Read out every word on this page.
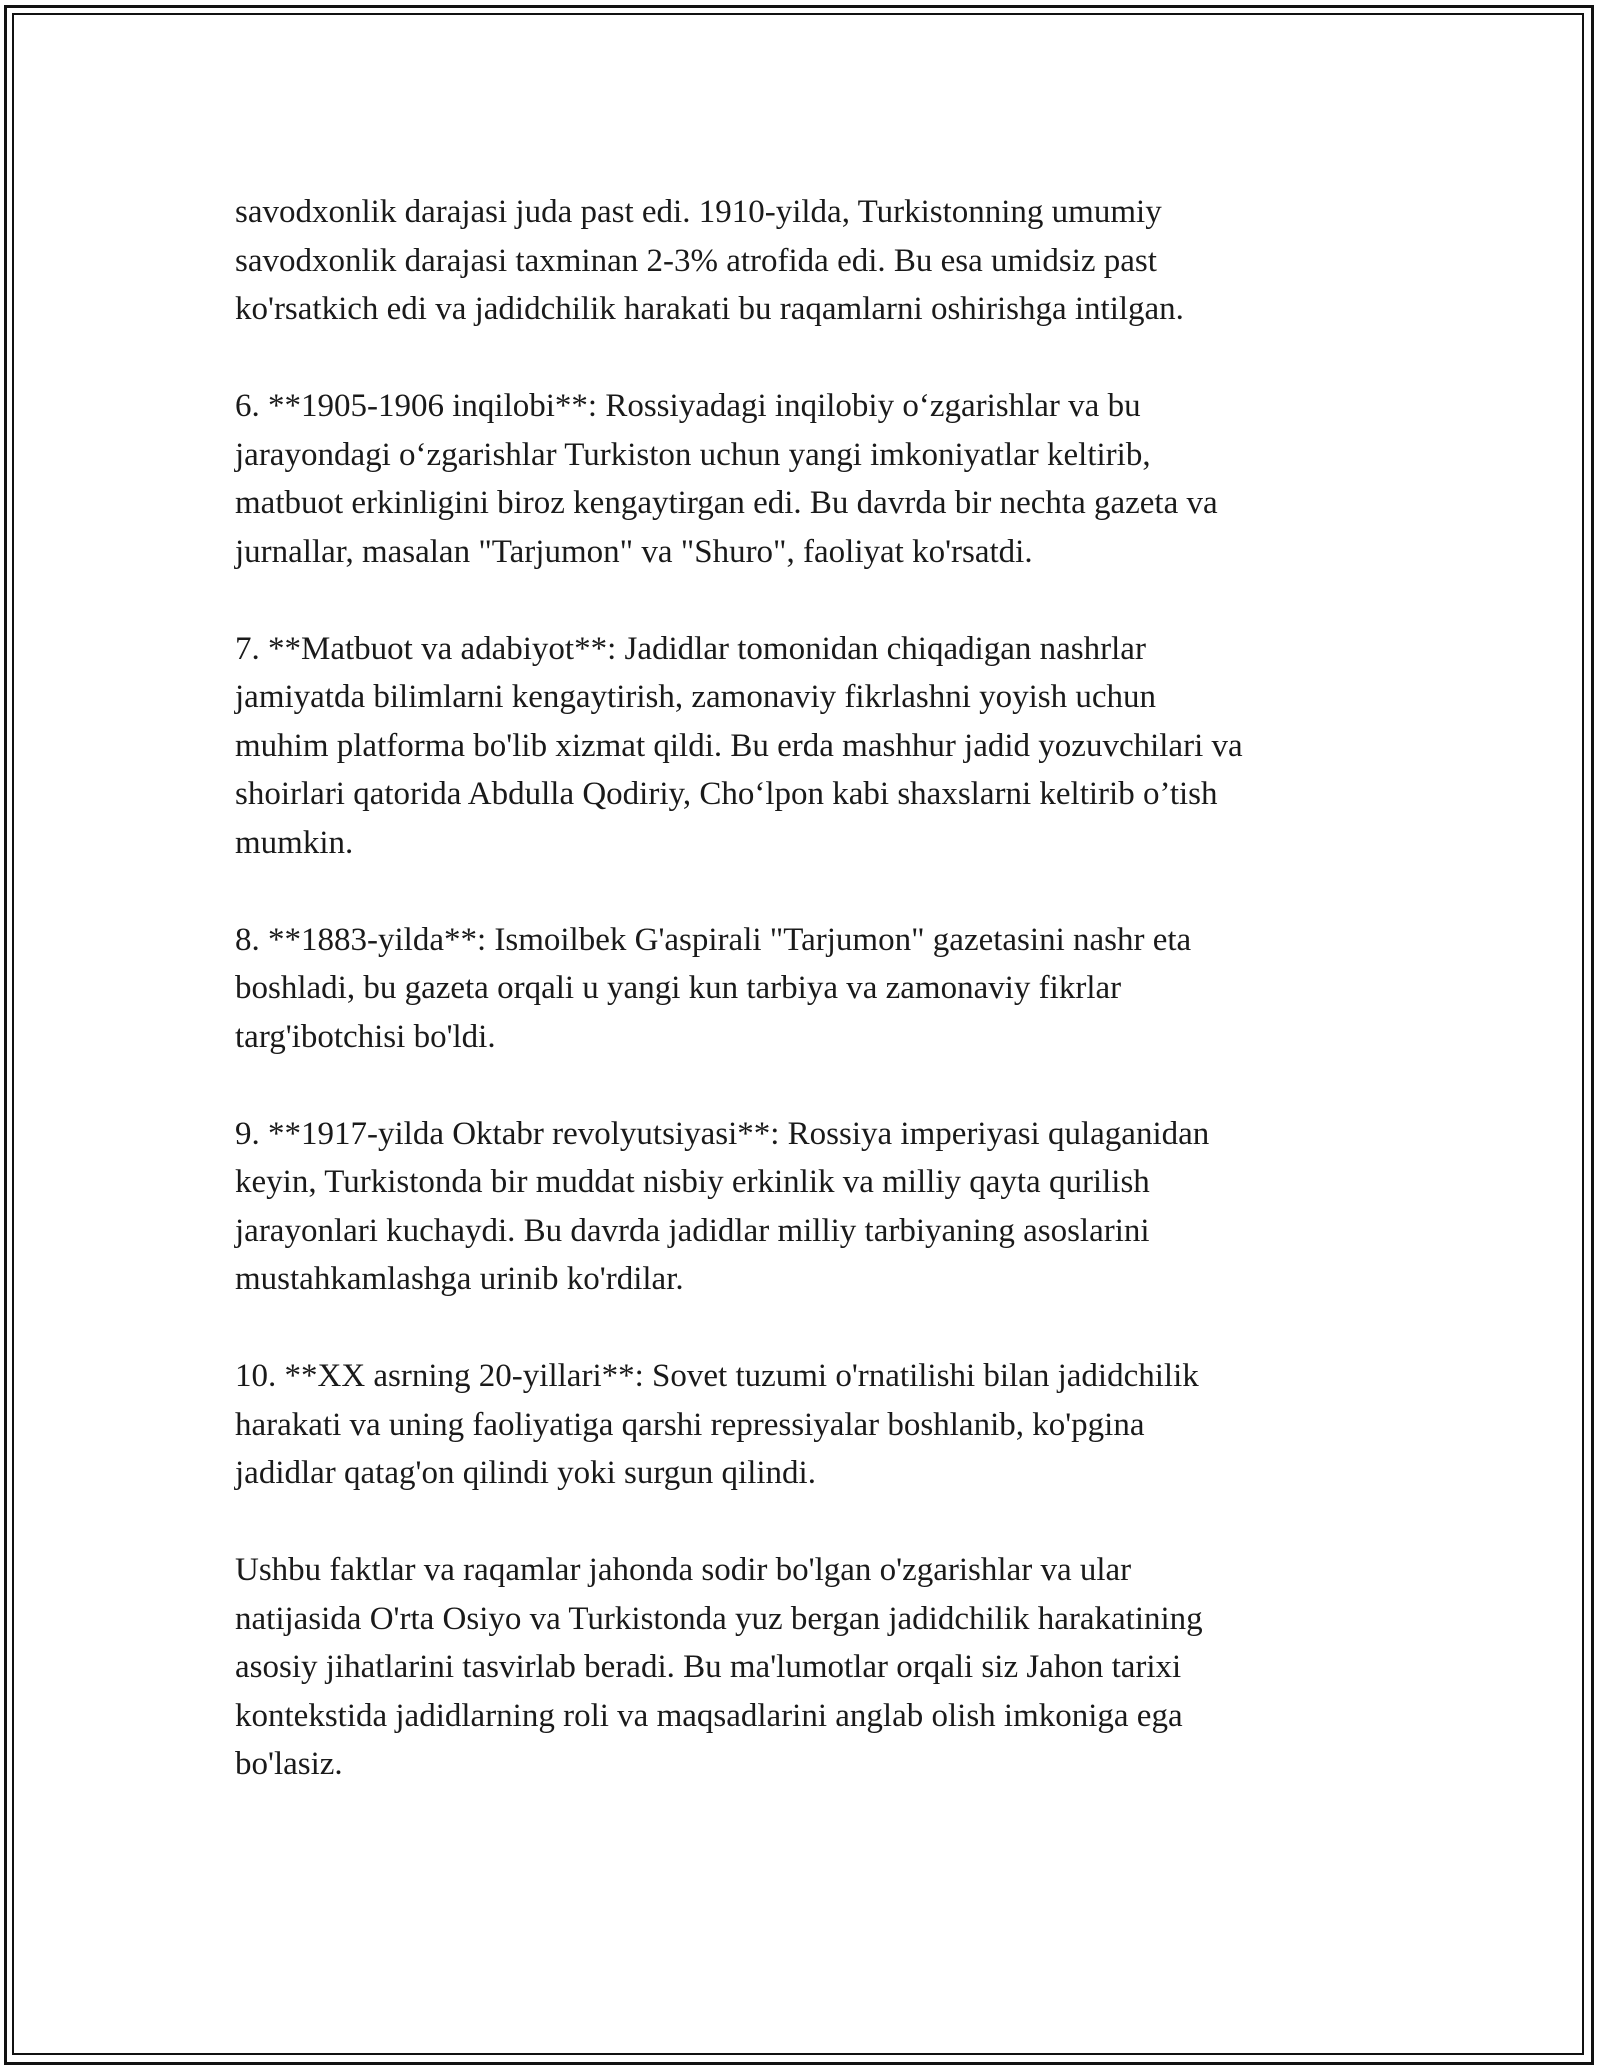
savodxonlik darajasi juda past edi. 1910-yilda, Turkistonning umumiy
savodxonlik darajasi taxminan 2-3% atrofida edi. Bu esa umidsiz past
ko'rsatkich edi va jadidchilik harakati bu raqamlarni oshirishga intilgan.

6. **1905-1906 inqilobi**: Rossiyadagi inqilobiy o‘zgarishlar va bu
jarayondagi o‘zgarishlar Turkiston uchun yangi imkoniyatlar keltirib,
matbuot erkinligini biroz kengaytirgan edi. Bu davrda bir nechta gazeta va
jurnallar, masalan "Tarjumon" va "Shuro", faoliyat ko'rsatdi.

7. **Matbuot va adabiyot**: Jadidlar tomonidan chiqadigan nashrlar
jamiyatda bilimlarni kengaytirish, zamonaviy fikrlashni yoyish uchun
muhim platforma bo'lib xizmat qildi. Bu erda mashhur jadid yozuvchilari va
shoirlari qatorida Abdulla Qodiriy, Cho‘lpon kabi shaxslarni keltirib o’tish
mumkin.

8. **1883-yilda**: Ismoilbek G'aspirali "Tarjumon" gazetasini nashr eta
boshladi, bu gazeta orqali u yangi kun tarbiya va zamonaviy fikrlar
targ'ibotchisi bo'ldi.

9. **1917-yilda Oktabr revolyutsiyasi**: Rossiya imperiyasi qulaganidan
keyin, Turkistonda bir muddat nisbiy erkinlik va milliy qayta qurilish
jarayonlari kuchaydi. Bu davrda jadidlar milliy tarbiyaning asoslarini
mustahkamlashga urinib ko'rdilar.

10. **XX asrning 20-yillari**: Sovet tuzumi o'rnatilishi bilan jadidchilik
harakati va uning faoliyatiga qarshi repressiyalar boshlanib, ko'pgina
jadidlar qatag'on qilindi yoki surgun qilindi.

Ushbu faktlar va raqamlar jahonda sodir bo'lgan o'zgarishlar va ular
natijasida O'rta Osiyo va Turkistonda yuz bergan jadidchilik harakatining
asosiy jihatlarini tasvirlab beradi. Bu ma'lumotlar orqali siz Jahon tarixi
kontekstida jadidlarning roli va maqsadlarini anglab olish imkoniga ega
bo'lasiz.
